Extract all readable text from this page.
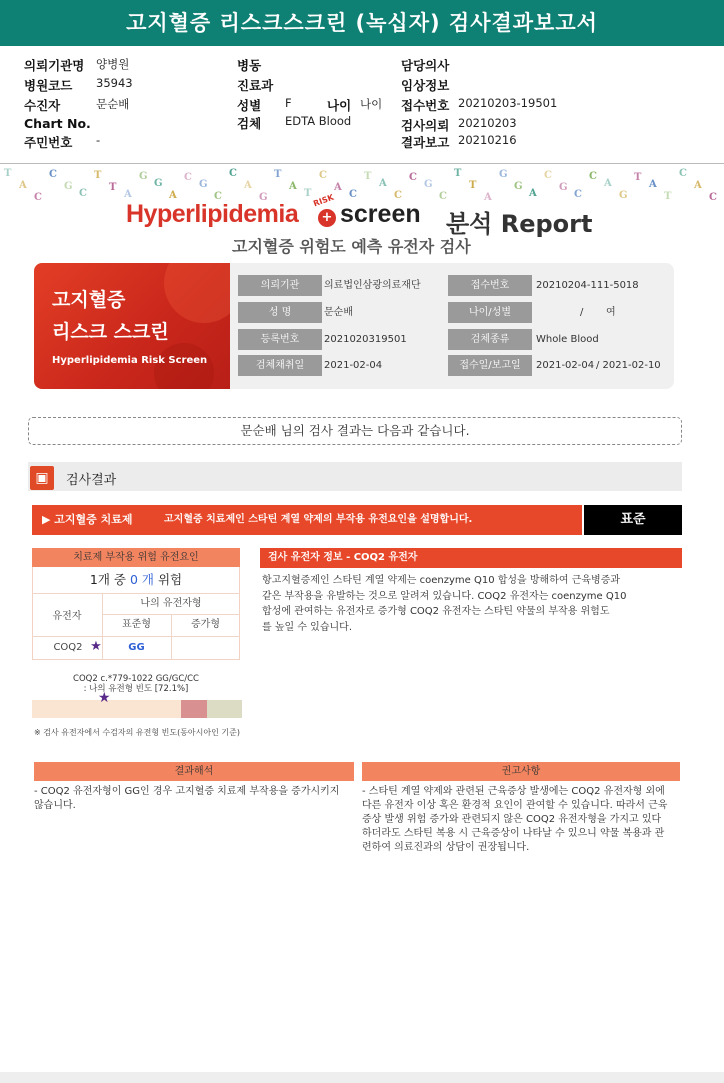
고지혈증 리스크스크린 (녹십자) 검사결과보고서
의뢰기관명 양병원
병원코드 35943
수진자	문순배
Chart No.
주민번호 -
병동
진료과
성별 F	나이 나이
검체 EDTA Blood
담당의사
임상정보
접수번호 20210203-19501
검사의뢰 20210203
결과보고 20210216
T
A
C
C
G
C
T
T
A
G
G
A
C
G
C
C
A
G
T
A
T
C
A
C
T
A
C
C
G
C
T
T
A
G
G
A
C
G
C
C
A
G
T
A
T
C
A
C
Hyperlipidemia RISK
+ screen 분석 Report
고지혈증 위험도 예측 유전자 검사
의뢰기관	의료법인삼광의료재단	접수번호	20210204-111-5018
성 명	문순배	나이/성별	/ 여
등록번호	2021020319501	검체종류	Whole Blood
검체채취일	2021-02-04	접수일/보고일	2021-02-04 / 2021-02-10
고지혈증
리스크 스크린
Hyperlipidemia Risk Screen
문순배 님의 검사 결과는 다음과 같습니다.
▣	검사결과
▶ 고지혈증 치료제	고지혈증 치료제인 스타틴 계열 약제의 부작용 유전요인을 설명합니다.	표준
치료제 부작용 위험 유전요인
1개 중 0 개 위험
유전자
나의 유전자형
표준형	증가형
COQ2 ★	GG
COQ2 c.*779-1022 GG/GC/CC
: 나의 유전형 빈도 [72.1%]
★
※ 검사 유전자에서 수검자의 유전형 빈도(동아시아인 기준)
검사 유전자 정보 - COQ2 유전자
항고지혈증제인 스타틴 계열 약제는 coenzyme Q10 합성을 방해하여 근육병증과
같은 부작용을 유발하는 것으로 알려져 있습니다. COQ2 유전자는 coenzyme Q10
합성에 관여하는 유전자로 증가형 COQ2 유전자는 스타틴 약물의 부작용 위험도
를 높일 수 있습니다.
결과해석
- COQ2 유전자형이 GG인 경우 고지혈증 치료제 부작용을 증가시키지
않습니다.
권고사항
- 스타틴 계열 약제와 관련된 근육증상 발생에는 COQ2 유전자형 외에
다른 유전자 이상 혹은 환경적 요인이 관여할 수 있습니다. 따라서 근육
증상 발생 위험 증가와 관련되지 않은 COQ2 유전자형을 가지고 있다
하더라도 스타틴 복용 시 근육증상이 나타날 수 있으니 약물 복용과 관
련하여 의료진과의 상담이 권장됩니다.
